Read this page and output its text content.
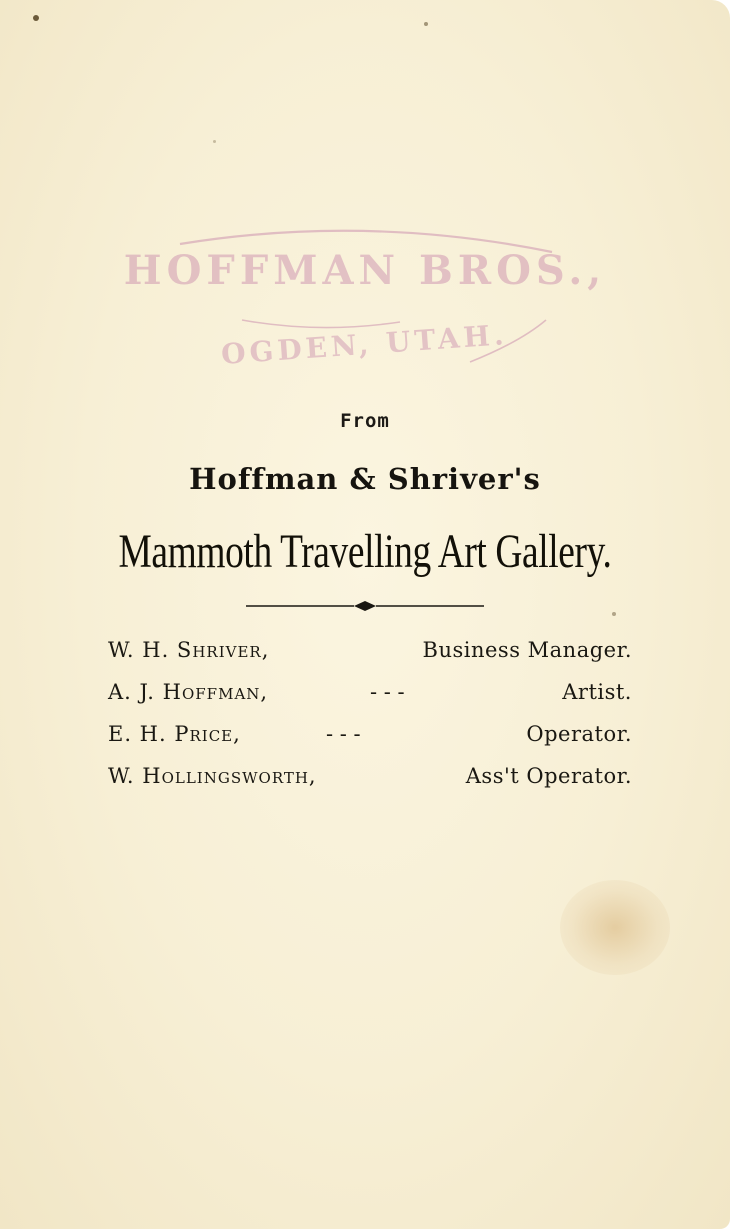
HOFFMAN BROS.,
OGDEN, UTAH.
From
Hoffman & Shriver's
Mammoth Travelling Art Gallery.
W. H. Shriver,	Business Manager.
A. J. Hoffman,	- - -	Artist.
E. H. Price,	- - -	Operator.
W. Hollingsworth,	Ass't Operator.
